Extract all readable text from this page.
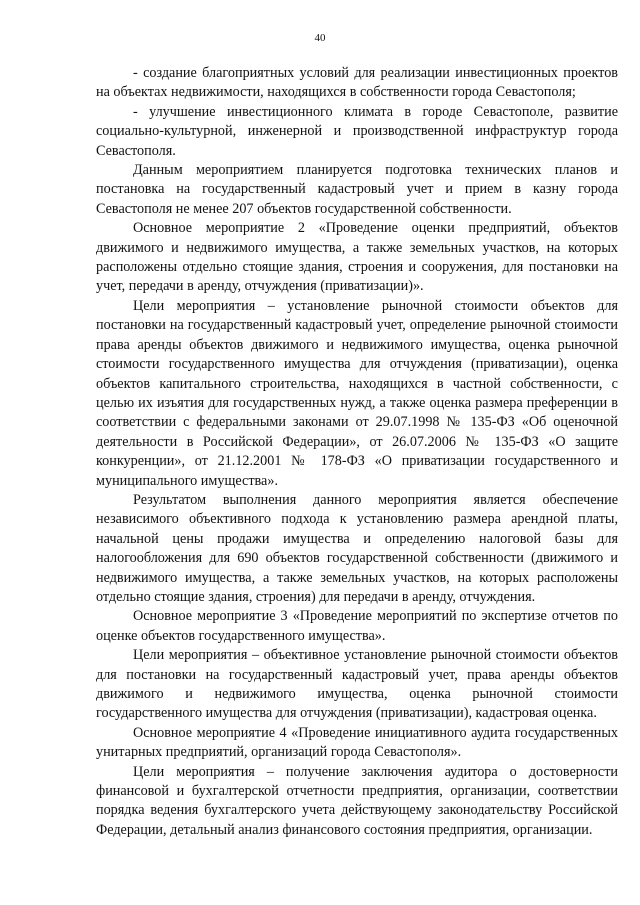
40

- создание благоприятных условий для реализации инвестиционных проектов на объектах недвижимости, находящихся в собственности города Севастополя;

- улучшение инвестиционного климата в городе Севастополе, развитие социально-культурной, инженерной и производственной инфраструктур города Севастополя.

Данным мероприятием планируется подготовка технических планов и постановка на государственный кадастровый учет и прием в казну города Севастополя не менее 207 объектов государственной собственности.

Основное мероприятие 2 «Проведение оценки предприятий, объектов движимого и недвижимого имущества, а также земельных участков, на которых расположены отдельно стоящие здания, строения и сооружения, для постановки на учет, передачи в аренду, отчуждения (приватизации)».

Цели мероприятия – установление рыночной стоимости объектов для постановки на государственный кадастровый учет, определение рыночной стоимости права аренды объектов движимого и недвижимого имущества, оценка рыночной стоимости государственного имущества для отчуждения (приватизации), оценка объектов капитального строительства, находящихся в частной собственности, с целью их изъятия для государственных нужд, а также оценка размера преференции в соответствии с федеральными законами от 29.07.1998 № 135-ФЗ «Об оценочной деятельности в Российской Федерации», от 26.07.2006 № 135-ФЗ «О защите конкуренции», от 21.12.2001 № 178-ФЗ «О приватизации государственного и муниципального имущества».

Результатом выполнения данного мероприятия является обеспечение независимого объективного подхода к установлению размера арендной платы, начальной цены продажи имущества и определению налоговой базы для налогообложения для 690 объектов государственной собственности (движимого и недвижимого имущества, а также земельных участков, на которых расположены отдельно стоящие здания, строения) для передачи в аренду, отчуждения.

Основное мероприятие 3 «Проведение мероприятий по экспертизе отчетов по оценке объектов государственного имущества».

Цели мероприятия – объективное установление рыночной стоимости объектов для постановки на государственный кадастровый учет, права аренды объектов движимого и недвижимого имущества, оценка рыночной стоимости государственного имущества для отчуждения (приватизации), кадастровая оценка.

Основное мероприятие 4 «Проведение инициативного аудита государственных унитарных предприятий, организаций города Севастополя».

Цели мероприятия – получение заключения аудитора о достоверности финансовой и бухгалтерской отчетности предприятия, организации, соответствии порядка ведения бухгалтерского учета действующему законодательству Российской Федерации, детальный анализ финансового состояния предприятия, организации.
